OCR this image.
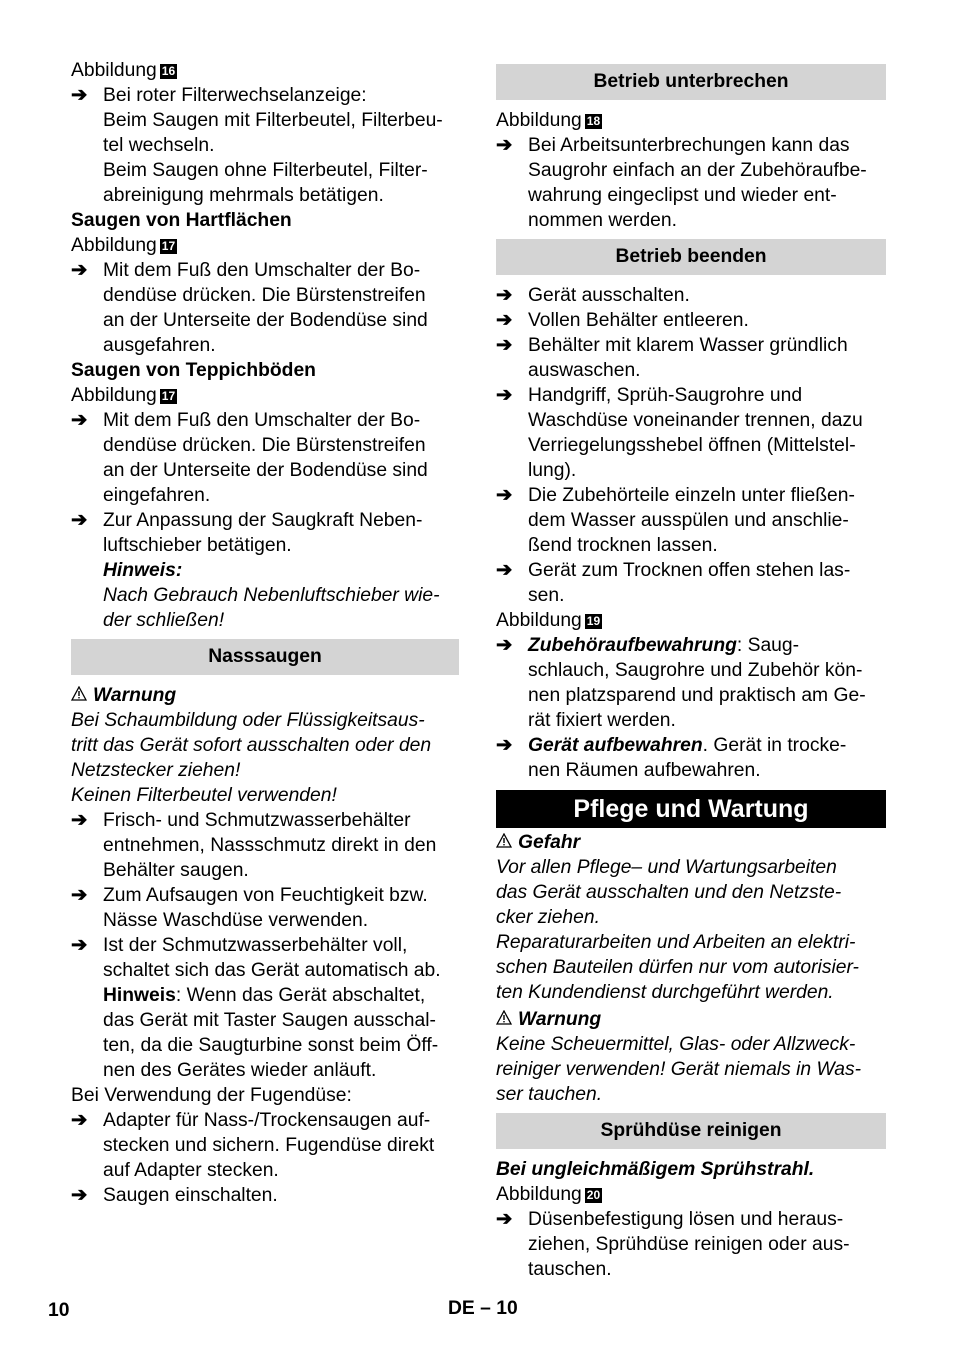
Abbildung 16
➔ Bei roter Filterwechselanzeige:
Beim Saugen mit Filterbeutel, Filterbeu-
tel wechseln.
Beim Saugen ohne Filterbeutel, Filter-
abreinigung mehrmals betätigen.
Saugen von Hartflächen
Abbildung 17
➔ Mit dem Fuß den Umschalter der Bo-
dendüse drücken. Die Bürstenstreifen
an der Unterseite der Bodendüse sind
ausgefahren.
Saugen von Teppichböden
Abbildung 17
➔ Mit dem Fuß den Umschalter der Bo-
dendüse drücken. Die Bürstenstreifen
an der Unterseite der Bodendüse sind
eingefahren.
➔ Zur Anpassung der Saugkraft Neben-
luftschieber betätigen.
Hinweis:
Nach Gebrauch Nebenluftschieber wie-
der schließen!
Nasssaugen
Warnung
Bei Schaumbildung oder Flüssigkeitsaus-
tritt das Gerät sofort ausschalten oder den
Netzstecker ziehen!
Keinen Filterbeutel verwenden!
➔ Frisch- und Schmutzwasserbehälter
entnehmen, Nassschmutz direkt in den
Behälter saugen.
➔ Zum Aufsaugen von Feuchtigkeit bzw.
Nässe Waschdüse verwenden.
➔ Ist der Schmutzwasserbehälter voll,
schaltet sich das Gerät automatisch ab.
Hinweis: Wenn das Gerät abschaltet,
das Gerät mit Taster Saugen ausschal-
ten, da die Saugturbine sonst beim Öff-
nen des Gerätes wieder anläuft.
Bei Verwendung der Fugendüse:
➔ Adapter für Nass-/Trockensaugen auf-
stecken und sichern. Fugendüse direkt
auf Adapter stecken.
➔ Saugen einschalten.
Betrieb unterbrechen
Abbildung 18
➔ Bei Arbeitsunterbrechungen kann das
Saugrohr einfach an der Zubehöraufbe-
wahrung eingeclipst und wieder ent-
nommen werden.
Betrieb beenden
➔ Gerät ausschalten.
➔ Vollen Behälter entleeren.
➔ Behälter mit klarem Wasser gründlich
auswaschen.
➔ Handgriff, Sprüh-Saugrohre und
Waschdüse voneinander trennen, dazu
Verriegelungsshebel öffnen (Mittelstel-
lung).
➔ Die Zubehörteile einzeln unter fließen-
dem Wasser ausspülen und anschlie-
ßend trocknen lassen.
➔ Gerät zum Trocknen offen stehen las-
sen.
Abbildung 19
➔ Zubehöraufbewahrung: Saug-
schlauch, Saugrohre und Zubehör kön-
nen platzsparend und praktisch am Ge-
rät fixiert werden.
➔ Gerät aufbewahren. Gerät in trocke-
nen Räumen aufbewahren.
Pflege und Wartung
Gefahr
Vor allen Pflege– und Wartungsarbeiten
das Gerät ausschalten und den Netzste-
cker ziehen.
Reparaturarbeiten und Arbeiten an elektri-
schen Bauteilen dürfen nur vom autorisier-
ten Kundendienst durchgeführt werden.
Warnung
Keine Scheuermittel, Glas- oder Allzweck-
reiniger verwenden! Gerät niemals in Was-
ser tauchen.
Sprühdüse reinigen
Bei ungleichmäßigem Sprühstrahl.
Abbildung 20
➔ Düsenbefestigung lösen und heraus-
ziehen, Sprühdüse reinigen oder aus-
tauschen.
10	DE – 10
